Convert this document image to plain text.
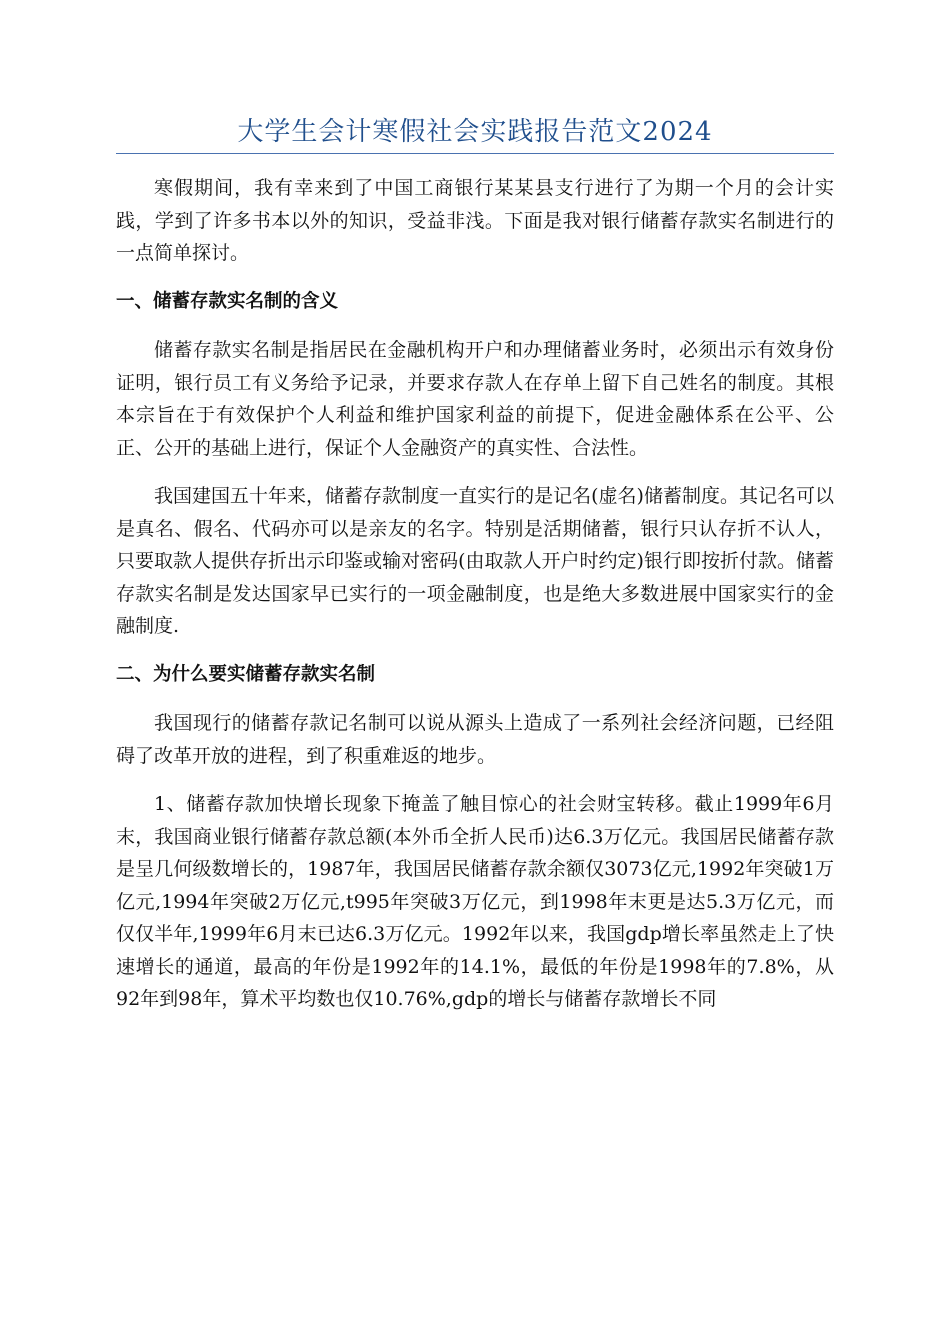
大学生会计寒假社会实践报告范文2024

寒假期间，我有幸来到了中国工商银行某某县支行进行了为期一个月的会计实践，学到了许多书本以外的知识，受益非浅。下面是我对银行储蓄存款实名制进行的一点简单探讨。

一、储蓄存款实名制的含义

储蓄存款实名制是指居民在金融机构开户和办理储蓄业务时，必须出示有效身份证明，银行员工有义务给予记录，并要求存款人在存单上留下自己姓名的制度。其根本宗旨在于有效保护个人利益和维护国家利益的前提下，促进金融体系在公平、公正、公开的基础上进行，保证个人金融资产的真实性、合法性。

我国建国五十年来，储蓄存款制度一直实行的是记名(虚名)储蓄制度。其记名可以是真名、假名、代码亦可以是亲友的名字。特别是活期储蓄，银行只认存折不认人，只要取款人提供存折出示印鉴或输对密码(由取款人开户时约定)银行即按折付款。储蓄存款实名制是发达国家早已实行的一项金融制度，也是绝大多数进展中国家实行的金融制度.

二、为什么要实储蓄存款实名制

我国现行的储蓄存款记名制可以说从源头上造成了一系列社会经济问题，已经阻碍了改革开放的进程，到了积重难返的地步。

1、储蓄存款加快增长现象下掩盖了触目惊心的社会财宝转移。截止1999年6月末，我国商业银行储蓄存款总额(本外币全折人民币)达6.3万亿元。我国居民储蓄存款是呈几何级数增长的，1987年，我国居民储蓄存款余额仅3073亿元,1992年突破1万亿元,1994年突破2万亿元,t995年突破3万亿元，到1998年末更是达5.3万亿元，而仅仅半年,1999年6月末已达6.3万亿元。1992年以来，我国gdp增长率虽然走上了快速增长的通道，最高的年份是1992年的14.1%，最低的年份是1998年的7.8%，从92年到98年，算术平均数也仅10.76%,gdp的增长与储蓄存款增长不同
